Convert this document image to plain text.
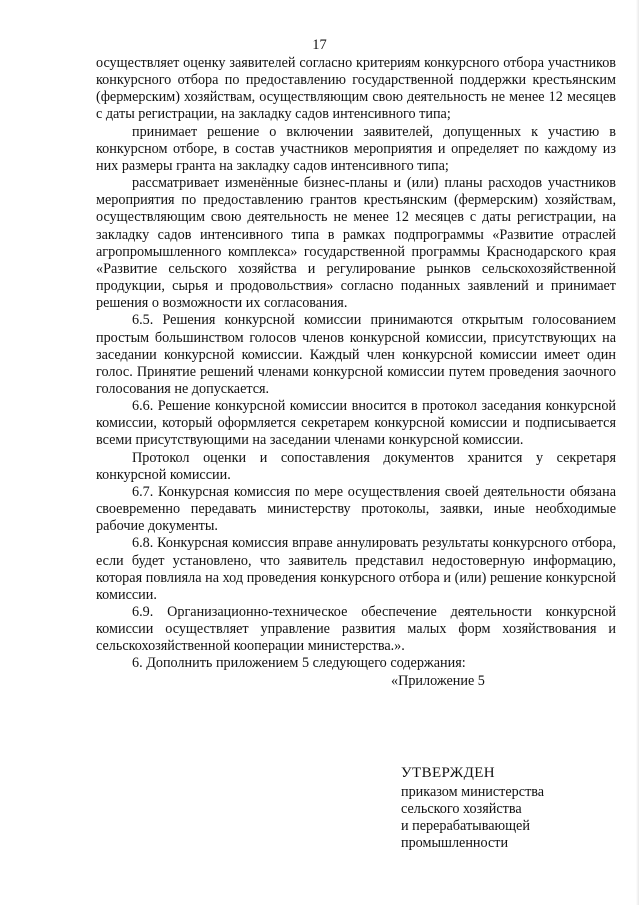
17

осуществляет оценку заявителей согласно критериям конкурсного отбора участников конкурсного отбора по предоставлению государственной поддержки крестьянским (фермерским) хозяйствам, осуществляющим свою деятельность не менее 12 месяцев с даты регистрации, на закладку садов интенсивного типа;

принимает решение о включении заявителей, допущенных к участию в конкурсном отборе, в состав участников мероприятия и определяет по каждому из них размеры гранта на закладку садов интенсивного типа;

рассматривает изменённые бизнес-планы и (или) планы расходов участников мероприятия по предоставлению грантов крестьянским (фермерским) хозяйствам, осуществляющим свою деятельность не менее 12 месяцев с даты регистрации, на закладку садов интенсивного типа в рамках подпрограммы «Развитие отраслей агропромышленного комплекса» государственной программы Краснодарского края «Развитие сельского хозяйства и регулирование рынков сельскохозяйственной продукции, сырья и продовольствия» согласно поданных заявлений и принимает решения о возможности их согласования.

6.5. Решения конкурсной комиссии принимаются открытым голосованием простым большинством голосов членов конкурсной комиссии, присутствующих на заседании конкурсной комиссии. Каждый член конкурсной комиссии имеет один голос. Принятие решений членами конкурсной комиссии путем проведения заочного голосования не допускается.

6.6. Решение конкурсной комиссии вносится в протокол заседания конкурсной комиссии, который оформляется секретарем конкурсной комиссии и подписывается всеми присутствующими на заседании членами конкурсной комиссии.

Протокол оценки и сопоставления документов хранится у секретаря конкурсной комиссии.

6.7. Конкурсная комиссия по мере осуществления своей деятельности обязана своевременно передавать министерству протоколы, заявки, иные необходимые рабочие документы.

6.8. Конкурсная комиссия вправе аннулировать результаты конкурсного отбора, если будет установлено, что заявитель представил недостоверную информацию, которая повлияла на ход проведения конкурсного отбора и (или) решение конкурсной комиссии.

6.9. Организационно-техническое обеспечение деятельности конкурсной комиссии осуществляет управление развития малых форм хозяйствования и сельскохозяйственной кооперации министерства.».

6. Дополнить приложением 5 следующего содержания:

«Приложение 5

УТВЕРЖДЕН
приказом министерства
сельского хозяйства
и перерабатывающей
промышленности
